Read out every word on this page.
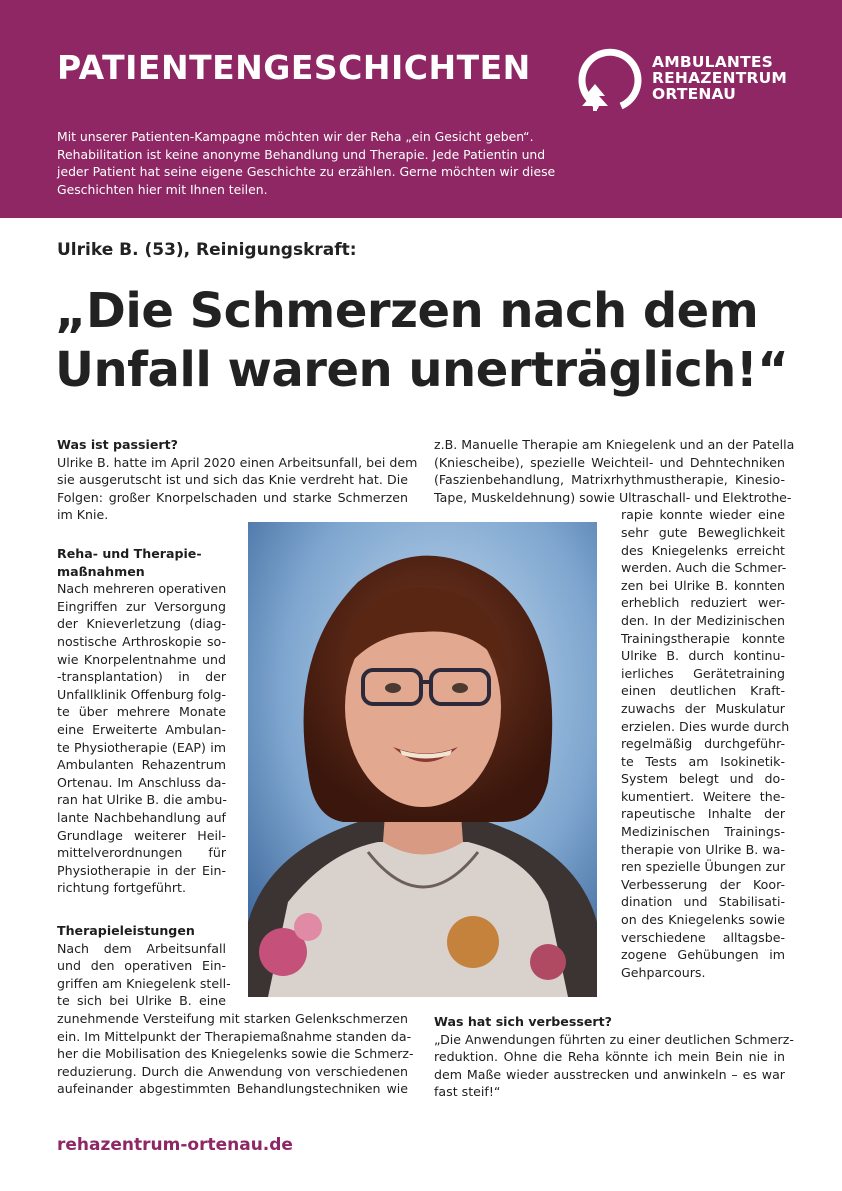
PATIENTENGESCHICHTEN
Mit unserer Patienten-Kampagne möchten wir der Reha „ein Gesicht geben“. Rehabilitation ist keine anonyme Behandlung und Therapie. Jede Patientin und jeder Patient hat seine eigene Geschichte zu erzählen. Gerne möchten wir diese Geschichten hier mit Ihnen teilen.
AMBULANTES
REHAZENTRUM
ORTENAU
Ulrike B. (53), Reinigungskraft:
„Die Schmerzen nach dem
Unfall waren unerträglich!“
Was ist passiert?
Ulrike B. hatte im April 2020 einen Arbeitsunfall, bei dem
sie ausgerutscht ist und sich das Knie verdreht hat. Die
Folgen: großer Knorpelschaden und starke Schmerzen
im Knie.
Reha- und Therapie-
maßnahmen
Nach mehreren operativen
Eingriffen zur Versorgung
der Knieverletzung (diag-
nostische Arthroskopie so-
wie Knorpelentnahme und
-transplantation) in der
Unfallklinik Offenburg folg-
te über mehrere Monate
eine Erweiterte Ambulan-
te Physiotherapie (EAP) im
Ambulanten Rehazentrum
Ortenau. Im Anschluss da-
ran hat Ulrike B. die ambu-
lante Nachbehandlung auf
Grundlage weiterer Heil-
mittelverordnungen für
Physiotherapie in der Ein-
richtung fortgeführt.
Therapieleistungen
Nach dem Arbeitsunfall
und den operativen Ein-
griffen am Kniegelenk stell-
te sich bei Ulrike B. eine
zunehmende Versteifung mit starken Gelenkschmerzen
ein. Im Mittelpunkt der Therapiemaßnahme standen da-
her die Mobilisation des Kniegelenks sowie die Schmerz-
reduzierung. Durch die Anwendung von verschiedenen
aufeinander abgestimmten Behandlungstechniken wie
z.B. Manuelle Therapie am Kniegelenk und an der Patella
(Kniescheibe), spezielle Weichteil- und Dehntechniken
(Faszienbehandlung, Matrixrhythmustherapie, Kinesio-
Tape, Muskeldehnung) sowie Ultraschall- und Elektrothe-
rapie konnte wieder eine
sehr gute Beweglichkeit
des Kniegelenks erreicht
werden. Auch die Schmer-
zen bei Ulrike B. konnten
erheblich reduziert wer-
den. In der Medizinischen
Trainingstherapie konnte
Ulrike B. durch kontinu-
ierliches Gerätetraining
einen deutlichen Kraft-
zuwachs der Muskulatur
erzielen. Dies wurde durch
regelmäßig durchgeführ-
te Tests am Isokinetik-
System belegt und do-
kumentiert. Weitere the-
rapeutische Inhalte der
Medizinischen Trainings-
therapie von Ulrike B. wa-
ren spezielle Übungen zur
Verbesserung der Koor-
dination und Stabilisati-
on des Kniegelenks sowie
verschiedene alltagsbe-
zogene Gehübungen im
Gehparcours.
Was hat sich verbessert?
„Die Anwendungen führten zu einer deutlichen Schmerz-
reduktion. Ohne die Reha könnte ich mein Bein nie in
dem Maße wieder ausstrecken und anwinkeln – es war
fast steif!“
rehazentrum-ortenau.de
